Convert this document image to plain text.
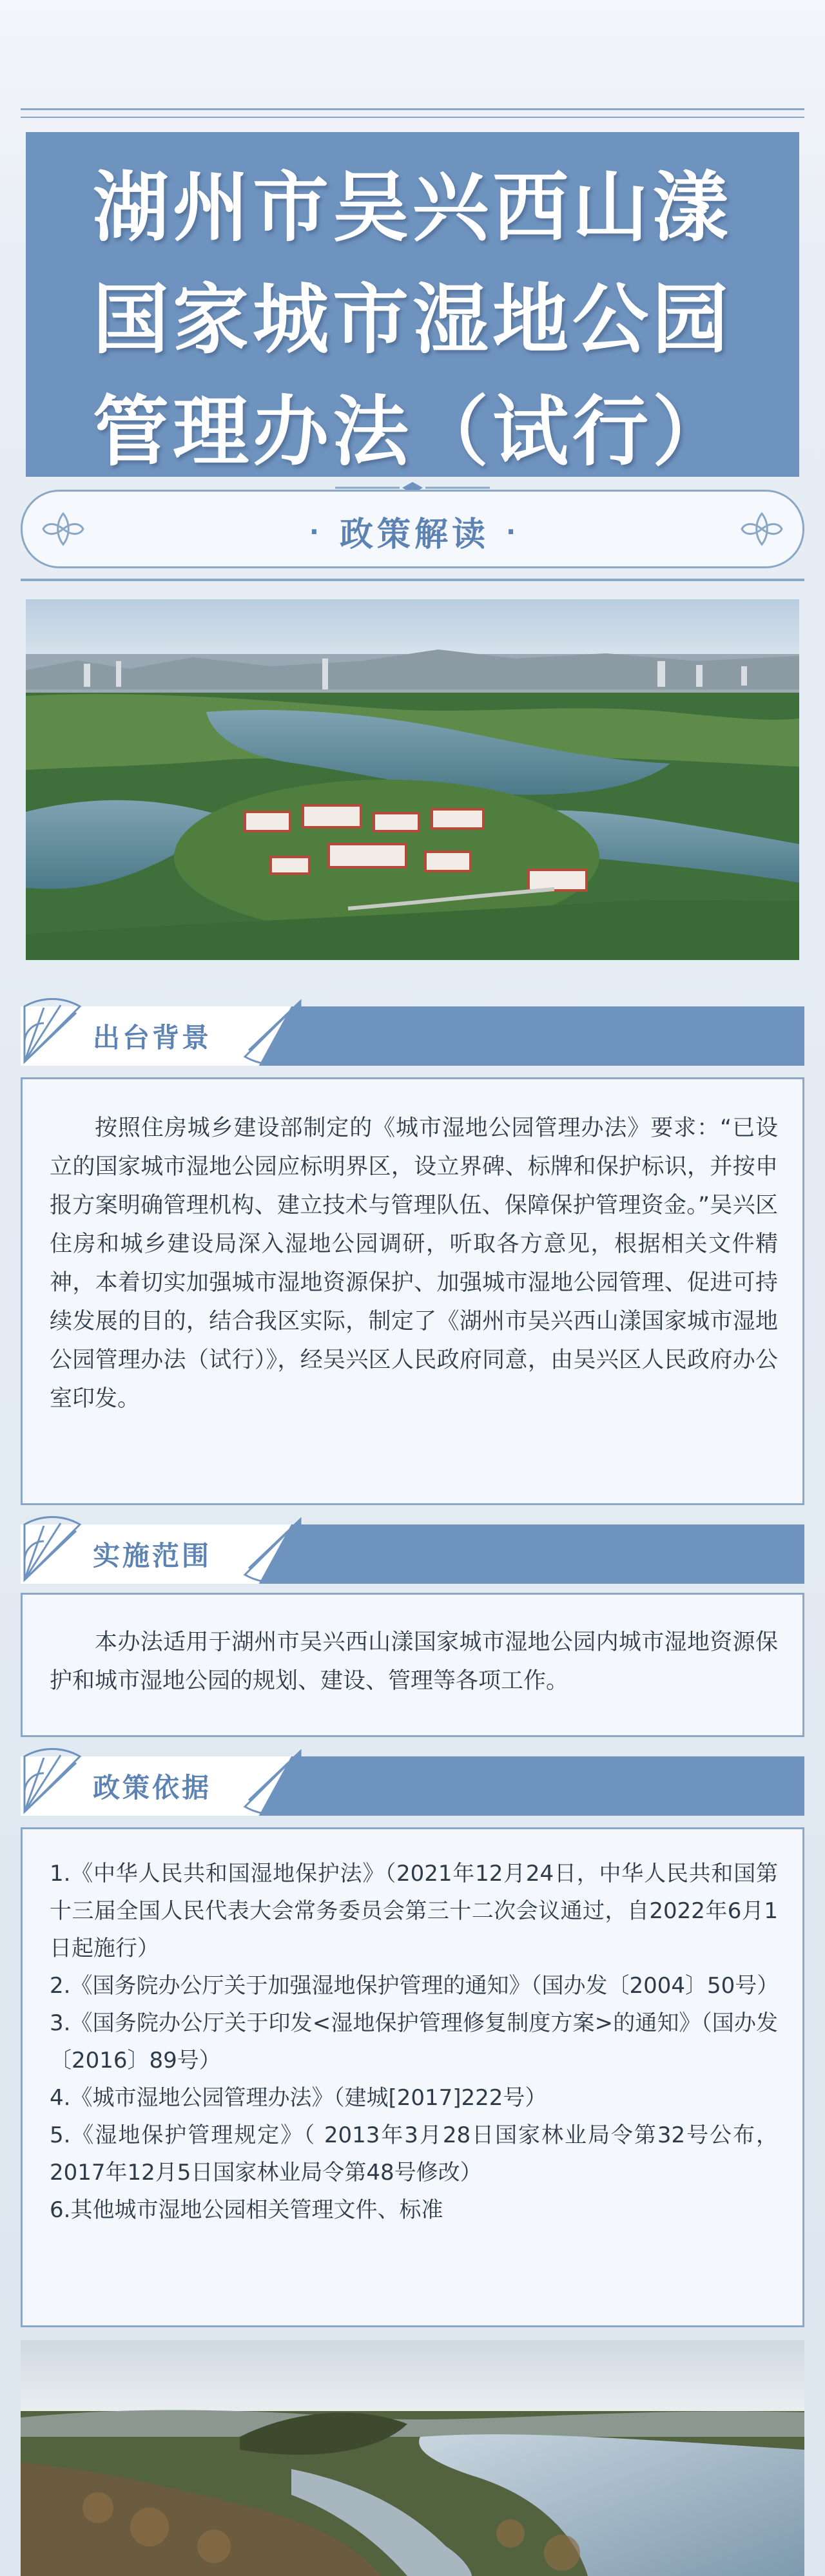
湖州市吴兴西山漾
国家城市湿地公园
管理办法（试行）
· 政策解读 ·
出台背景
按照住房城乡建设部制定的《城市湿地公园管理办法》要求：“已设立的国家城市湿地公园应标明界区，设立界碑、标牌和保护标识，并按申报方案明确管理机构、建立技术与管理队伍、保障保护管理资金。”吴兴区住房和城乡建设局深入湿地公园调研，听取各方意见，根据相关文件精神，本着切实加强城市湿地资源保护、加强城市湿地公园管理、促进可持续发展的目的，结合我区实际，制定了《湖州市吴兴西山漾国家城市湿地公园管理办法（试行）》，经吴兴区人民政府同意，由吴兴区人民政府办公室印发。
实施范围
本办法适用于湖州市吴兴西山漾国家城市湿地公园内城市湿地资源保护和城市湿地公园的规划、建设、管理等各项工作。
政策依据

1.《中华人民共和国湿地保护法》（2021年12月24日，中华人民共和国第十三届全国人民代表大会常务委员会第三十二次会议通过，自2022年6月1日起施行）

2.《国务院办公厅关于加强湿地保护管理的通知》（国办发〔2004〕50号）

3.《国务院办公厅关于印发<湿地保护管理修复制度方案>的通知》（国办发〔2016〕89号）

4.《城市湿地公园管理办法》（建城[2017]222号）

5.《湿地保护管理规定》（ 2013年3月28日国家林业局令第32号公布，2017年12月5日国家林业局令第48号修改）

6.其他城市湿地公园相关管理文件、标准
